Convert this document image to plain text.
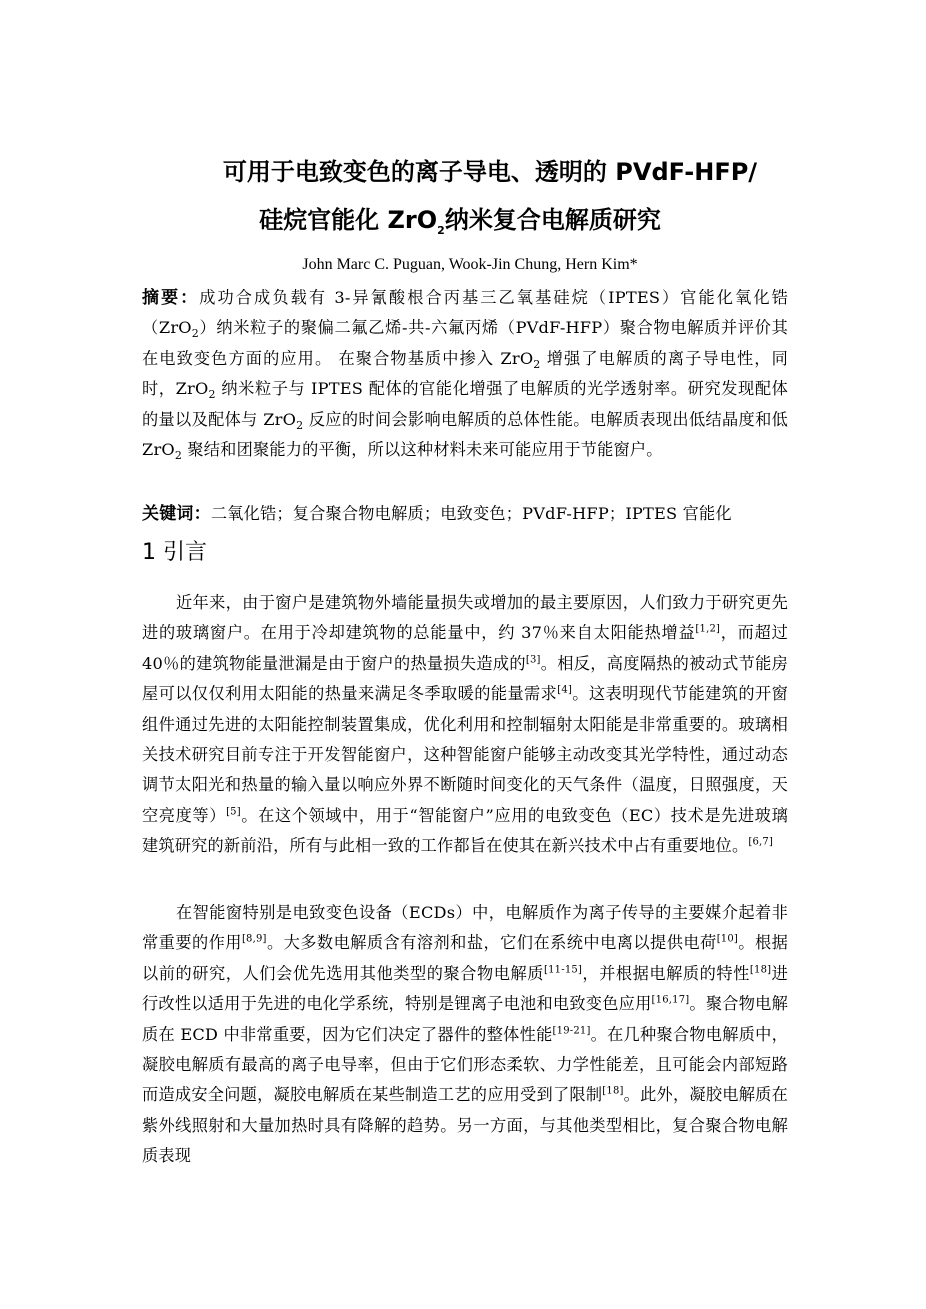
可用于电致变色的离子导电、透明的 PVdF-HFP/
硅烷官能化 ZrO$_2$纳米复合电解质研究
John Marc C. Puguan, Wook-Jin Chung, Hern Kim*
摘要：成功合成负载有 3-异氰酸根合丙基三乙氧基硅烷（IPTES）官能化氧化锆（ZrO$_2$）纳米粒子的聚偏二氟乙烯-共-六氟丙烯（PVdF-HFP）聚合物电解质并评价其在电致变色方面的应用。 在聚合物基质中掺入 ZrO$_2$ 增强了电解质的离子导电性，同时，ZrO$_2$ 纳米粒子与 IPTES 配体的官能化增强了电解质的光学透射率。研究发现配体的量以及配体与 ZrO$_2$ 反应的时间会影响电解质的总体性能。电解质表现出低结晶度和低 ZrO$_2$ 聚结和团聚能力的平衡，所以这种材料未来可能应用于节能窗户。
关键词：二氧化锆；复合聚合物电解质；电致变色；PVdF-HFP；IPTES 官能化
1 引言
近年来，由于窗户是建筑物外墙能量损失或增加的最主要原因，人们致力于研究更先进的玻璃窗户。在用于冷却建筑物的总能量中，约 37％来自太阳能热增益[1,2]，而超过 40％的建筑物能量泄漏是由于窗户的热量损失造成的[3]。相反，高度隔热的被动式节能房屋可以仅仅利用太阳能的热量来满足冬季取暖的能量需求[4]。这表明现代节能建筑的开窗组件通过先进的太阳能控制装置集成，优化利用和控制辐射太阳能是非常重要的。玻璃相关技术研究目前专注于开发智能窗户，这种智能窗户能够主动改变其光学特性，通过动态调节太阳光和热量的输入量以响应外界不断随时间变化的天气条件（温度，日照强度，天空亮度等）[5]。在这个领域中，用于“智能窗户”应用的电致变色（EC）技术是先进玻璃建筑研究的新前沿，所有与此相一致的工作都旨在使其在新兴技术中占有重要地位。[6,7]
在智能窗特别是电致变色设备（ECDs）中，电解质作为离子传导的主要媒介起着非常重要的作用[8,9]。大多数电解质含有溶剂和盐，它们在系统中电离以提供电荷[10]。根据以前的研究，人们会优先选用其他类型的聚合物电解质[11-15]，并根据电解质的特性[18]进行改性以适用于先进的电化学系统，特别是锂离子电池和电致变色应用[16,17]。聚合物电解质在 ECD 中非常重要，因为它们决定了器件的整体性能[19-21]。在几种聚合物电解质中，凝胶电解质有最高的离子电导率，但由于它们形态柔软、力学性能差，且可能会内部短路而造成安全问题，凝胶电解质在某些制造工艺的应用受到了限制[18]。此外，凝胶电解质在紫外线照射和大量加热时具有降解的趋势。另一方面，与其他类型相比，复合聚合物电解质表现
